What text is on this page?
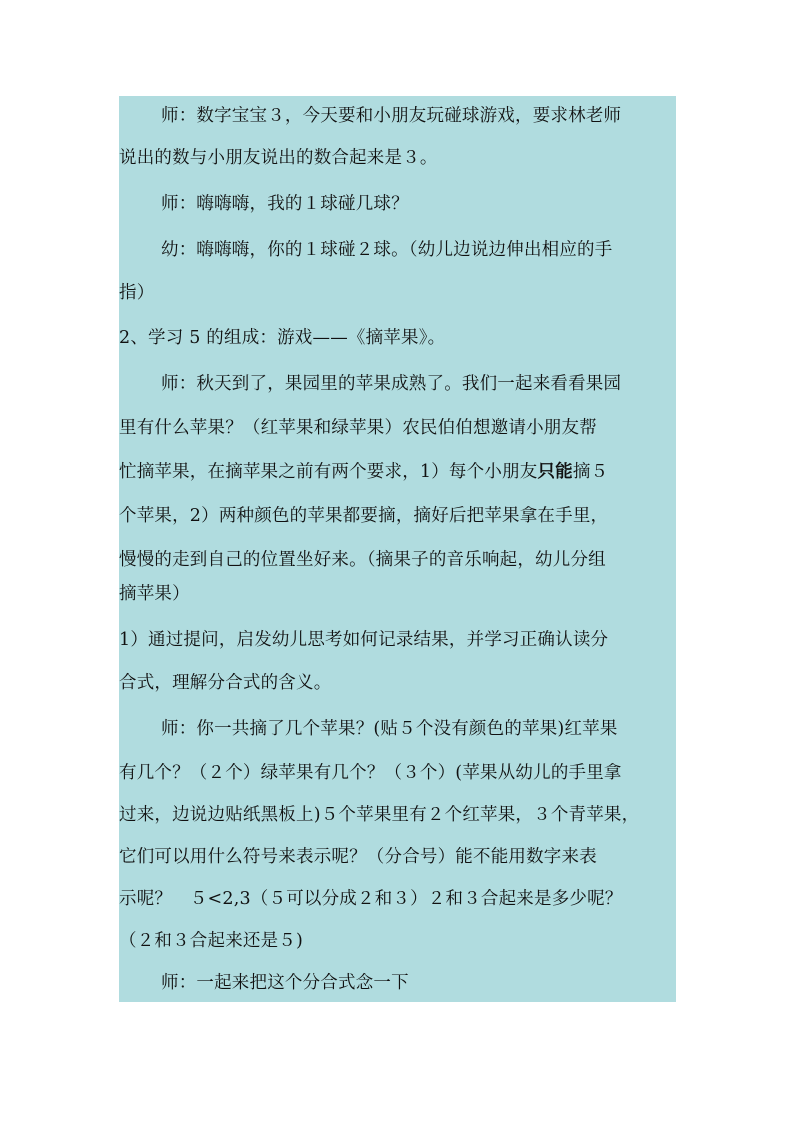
师：数字宝宝３，今天要和小朋友玩碰球游戏，要求林老师
说出的数与小朋友说出的数合起来是３。
师：嗨嗨嗨，我的１球碰几球？
幼：嗨嗨嗨，你的１球碰２球。（幼儿边说边伸出相应的手
指）
2、学习 5 的组成：游戏——《摘苹果》。
师：秋天到了，果园里的苹果成熟了。我们一起来看看果园
里有什么苹果？（红苹果和绿苹果）农民伯伯想邀请小朋友帮
忙摘苹果，在摘苹果之前有两个要求，1）每个小朋友只能摘５
个苹果，2）两种颜色的苹果都要摘，摘好后把苹果拿在手里，
慢慢的走到自己的位置坐好来。（摘果子的音乐响起，幼儿分组
摘苹果）
1）通过提问，启发幼儿思考如何记录结果，并学习正确认读分
合式，理解分合式的含义。
师：你一共摘了几个苹果？(贴５个没有颜色的苹果)红苹果
有几个？（２个）绿苹果有几个？（３个）(苹果从幼儿的手里拿
过来，边说边贴纸黑板上)５个苹果里有２个红苹果，３个青苹果，
它们可以用什么符号来表示呢？（分合号）能不能用数字来表
示呢？　５<2,3（５可以分成２和３）２和３合起来是多少呢？
（２和３合起来还是５)
师：一起来把这个分合式念一下
